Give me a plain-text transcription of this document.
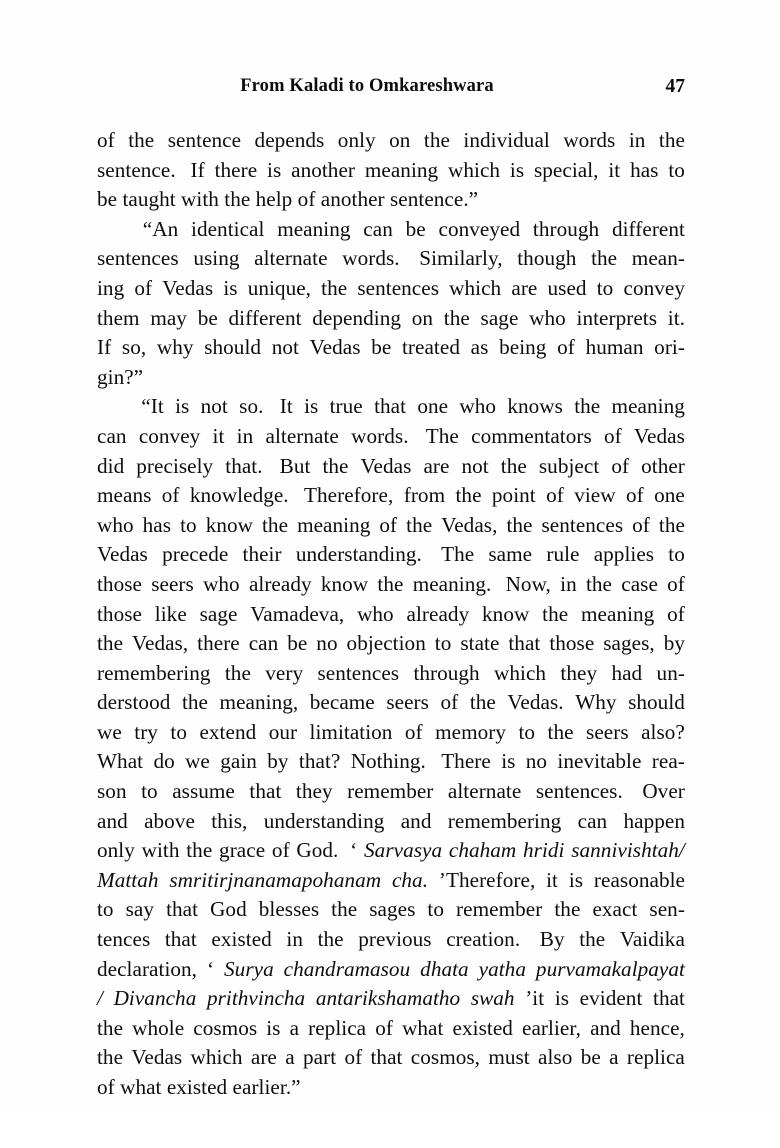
From Kaladi to Omkareshwara	47
of the sentence depends only on the individual words in the
sentence. If there is another meaning which is special, it has to
be taught with the help of another sentence.”
“An identical meaning can be conveyed through different
sentences using alternate words. Similarly, though the mean-
ing of Vedas is unique, the sentences which are used to convey
them may be different depending on the sage who interprets it.
If so, why should not Vedas be treated as being of human ori-
gin?”
“It is not so. It is true that one who knows the meaning
can convey it in alternate words. The commentators of Vedas
did precisely that. But the Vedas are not the subject of other
means of knowledge. Therefore, from the point of view of one
who has to know the meaning of the Vedas, the sentences of the
Vedas precede their understanding. The same rule applies to
those seers who already know the meaning. Now, in the case of
those like sage Vamadeva, who already know the meaning of
the Vedas, there can be no objection to state that those sages, by
remembering the very sentences through which they had un-
derstood the meaning, became seers of the Vedas. Why should
we try to extend our limitation of memory to the seers also?
What do we gain by that? Nothing. There is no inevitable rea-
son to assume that they remember alternate sentences. Over
and above this, understanding and remembering can happen
only with the grace of God. ‘ Sarvasya chaham hridi sannivishtah/
Mattah smritirjnanamapohanam cha. ’Therefore, it is reasonable
to say that God blesses the sages to remember the exact sen-
tences that existed in the previous creation. By the Vaidika
declaration, ‘ Surya chandramasou dhata yatha purvamakalpayat
/ Divancha prithvincha antarikshamatho swah ’it is evident that
the whole cosmos is a replica of what existed earlier, and hence,
the Vedas which are a part of that cosmos, must also be a replica
of what existed earlier.”
